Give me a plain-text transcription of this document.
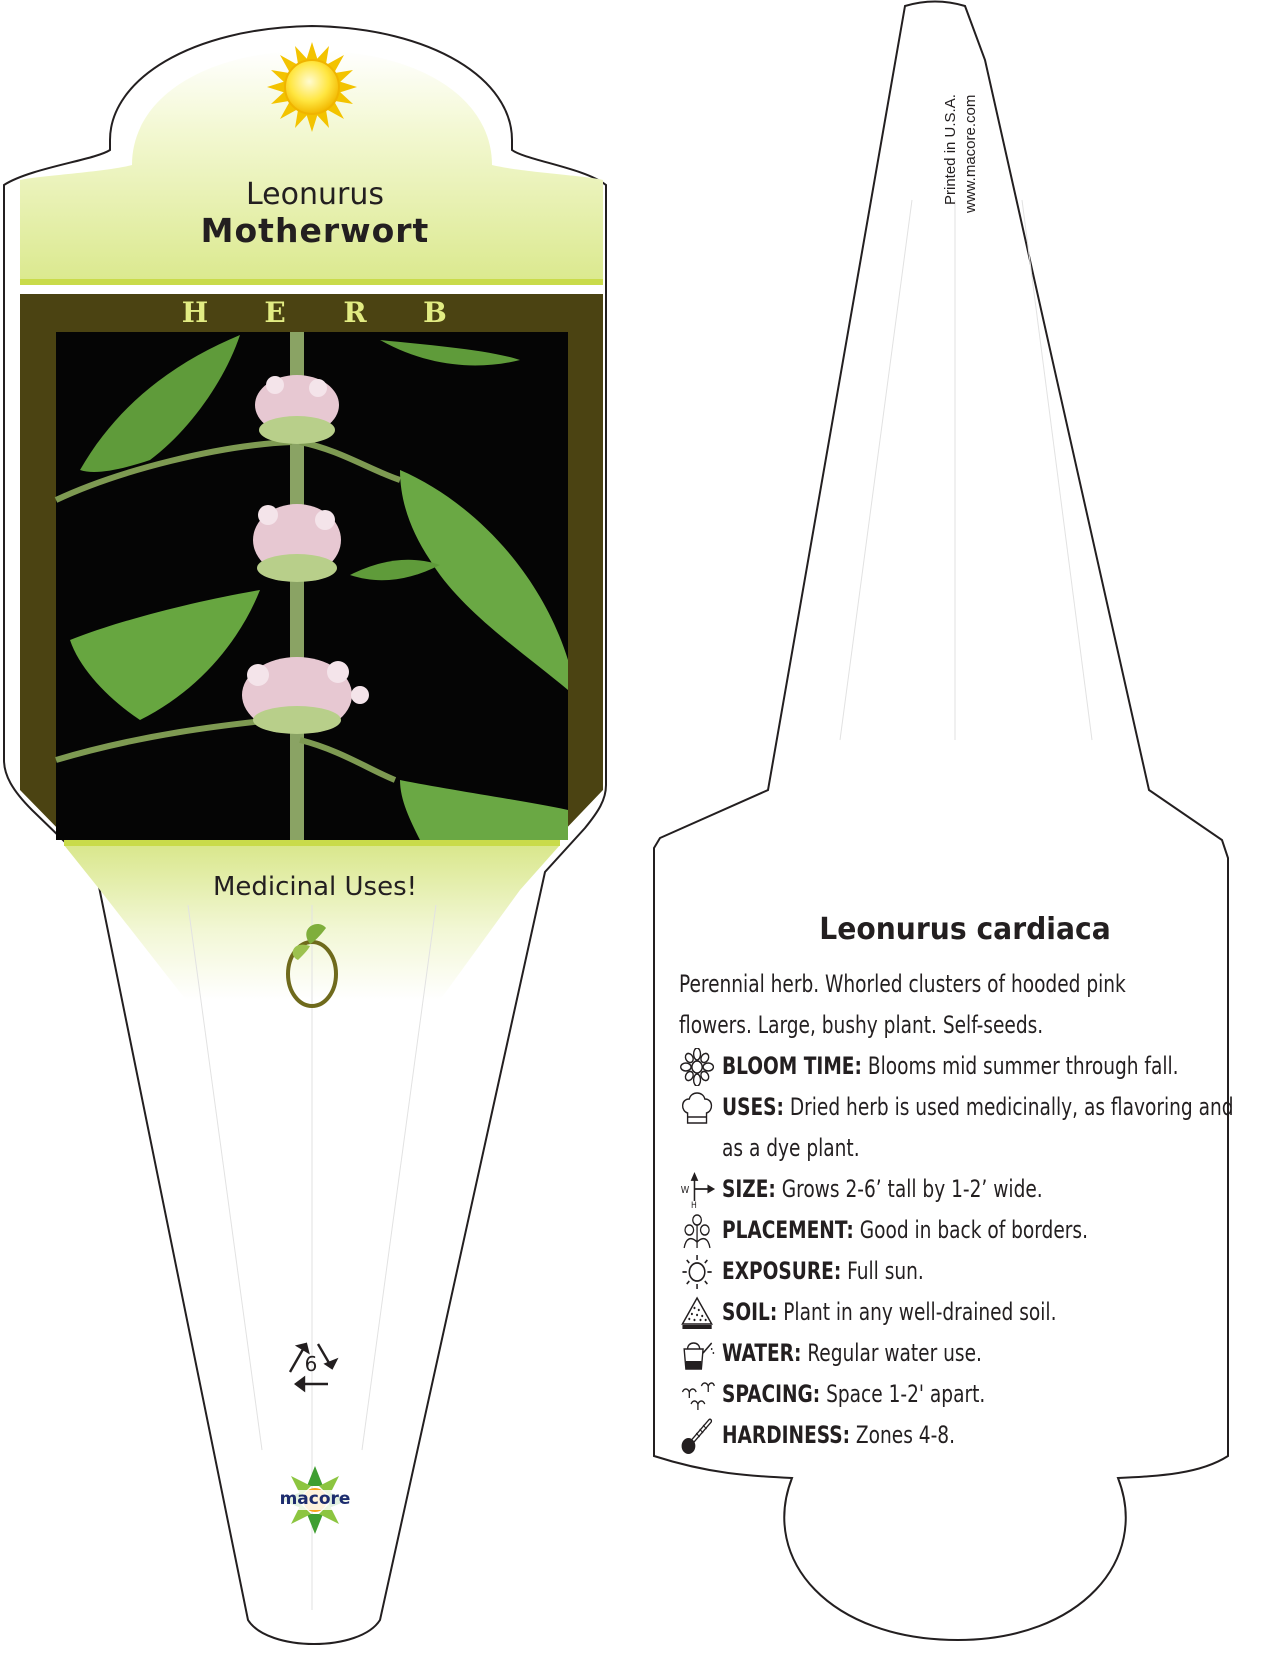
Leonurus
Motherwort
H E R B
Medicinal Uses!
6
macore
Printed in U.S.A. www.macore.com
Leonurus cardiaca

Perennial herb. Whorled clusters of hooded pink flowers. Large, bushy plant. Self-seeds.

BLOOM TIME: Blooms mid summer through fall.
USES: Dried herb is used medicinally, as flavoring and as a dye plant.
W
H
SIZE: Grows 2-6’ tall by 1-2’ wide.
PLACEMENT: Good in back of borders.
EXPOSURE: Full sun.
SOIL: Plant in any well-drained soil.
WATER: Regular water use.
SPACING: Space 1-2' apart.
HARDINESS: Zones 4-8.
